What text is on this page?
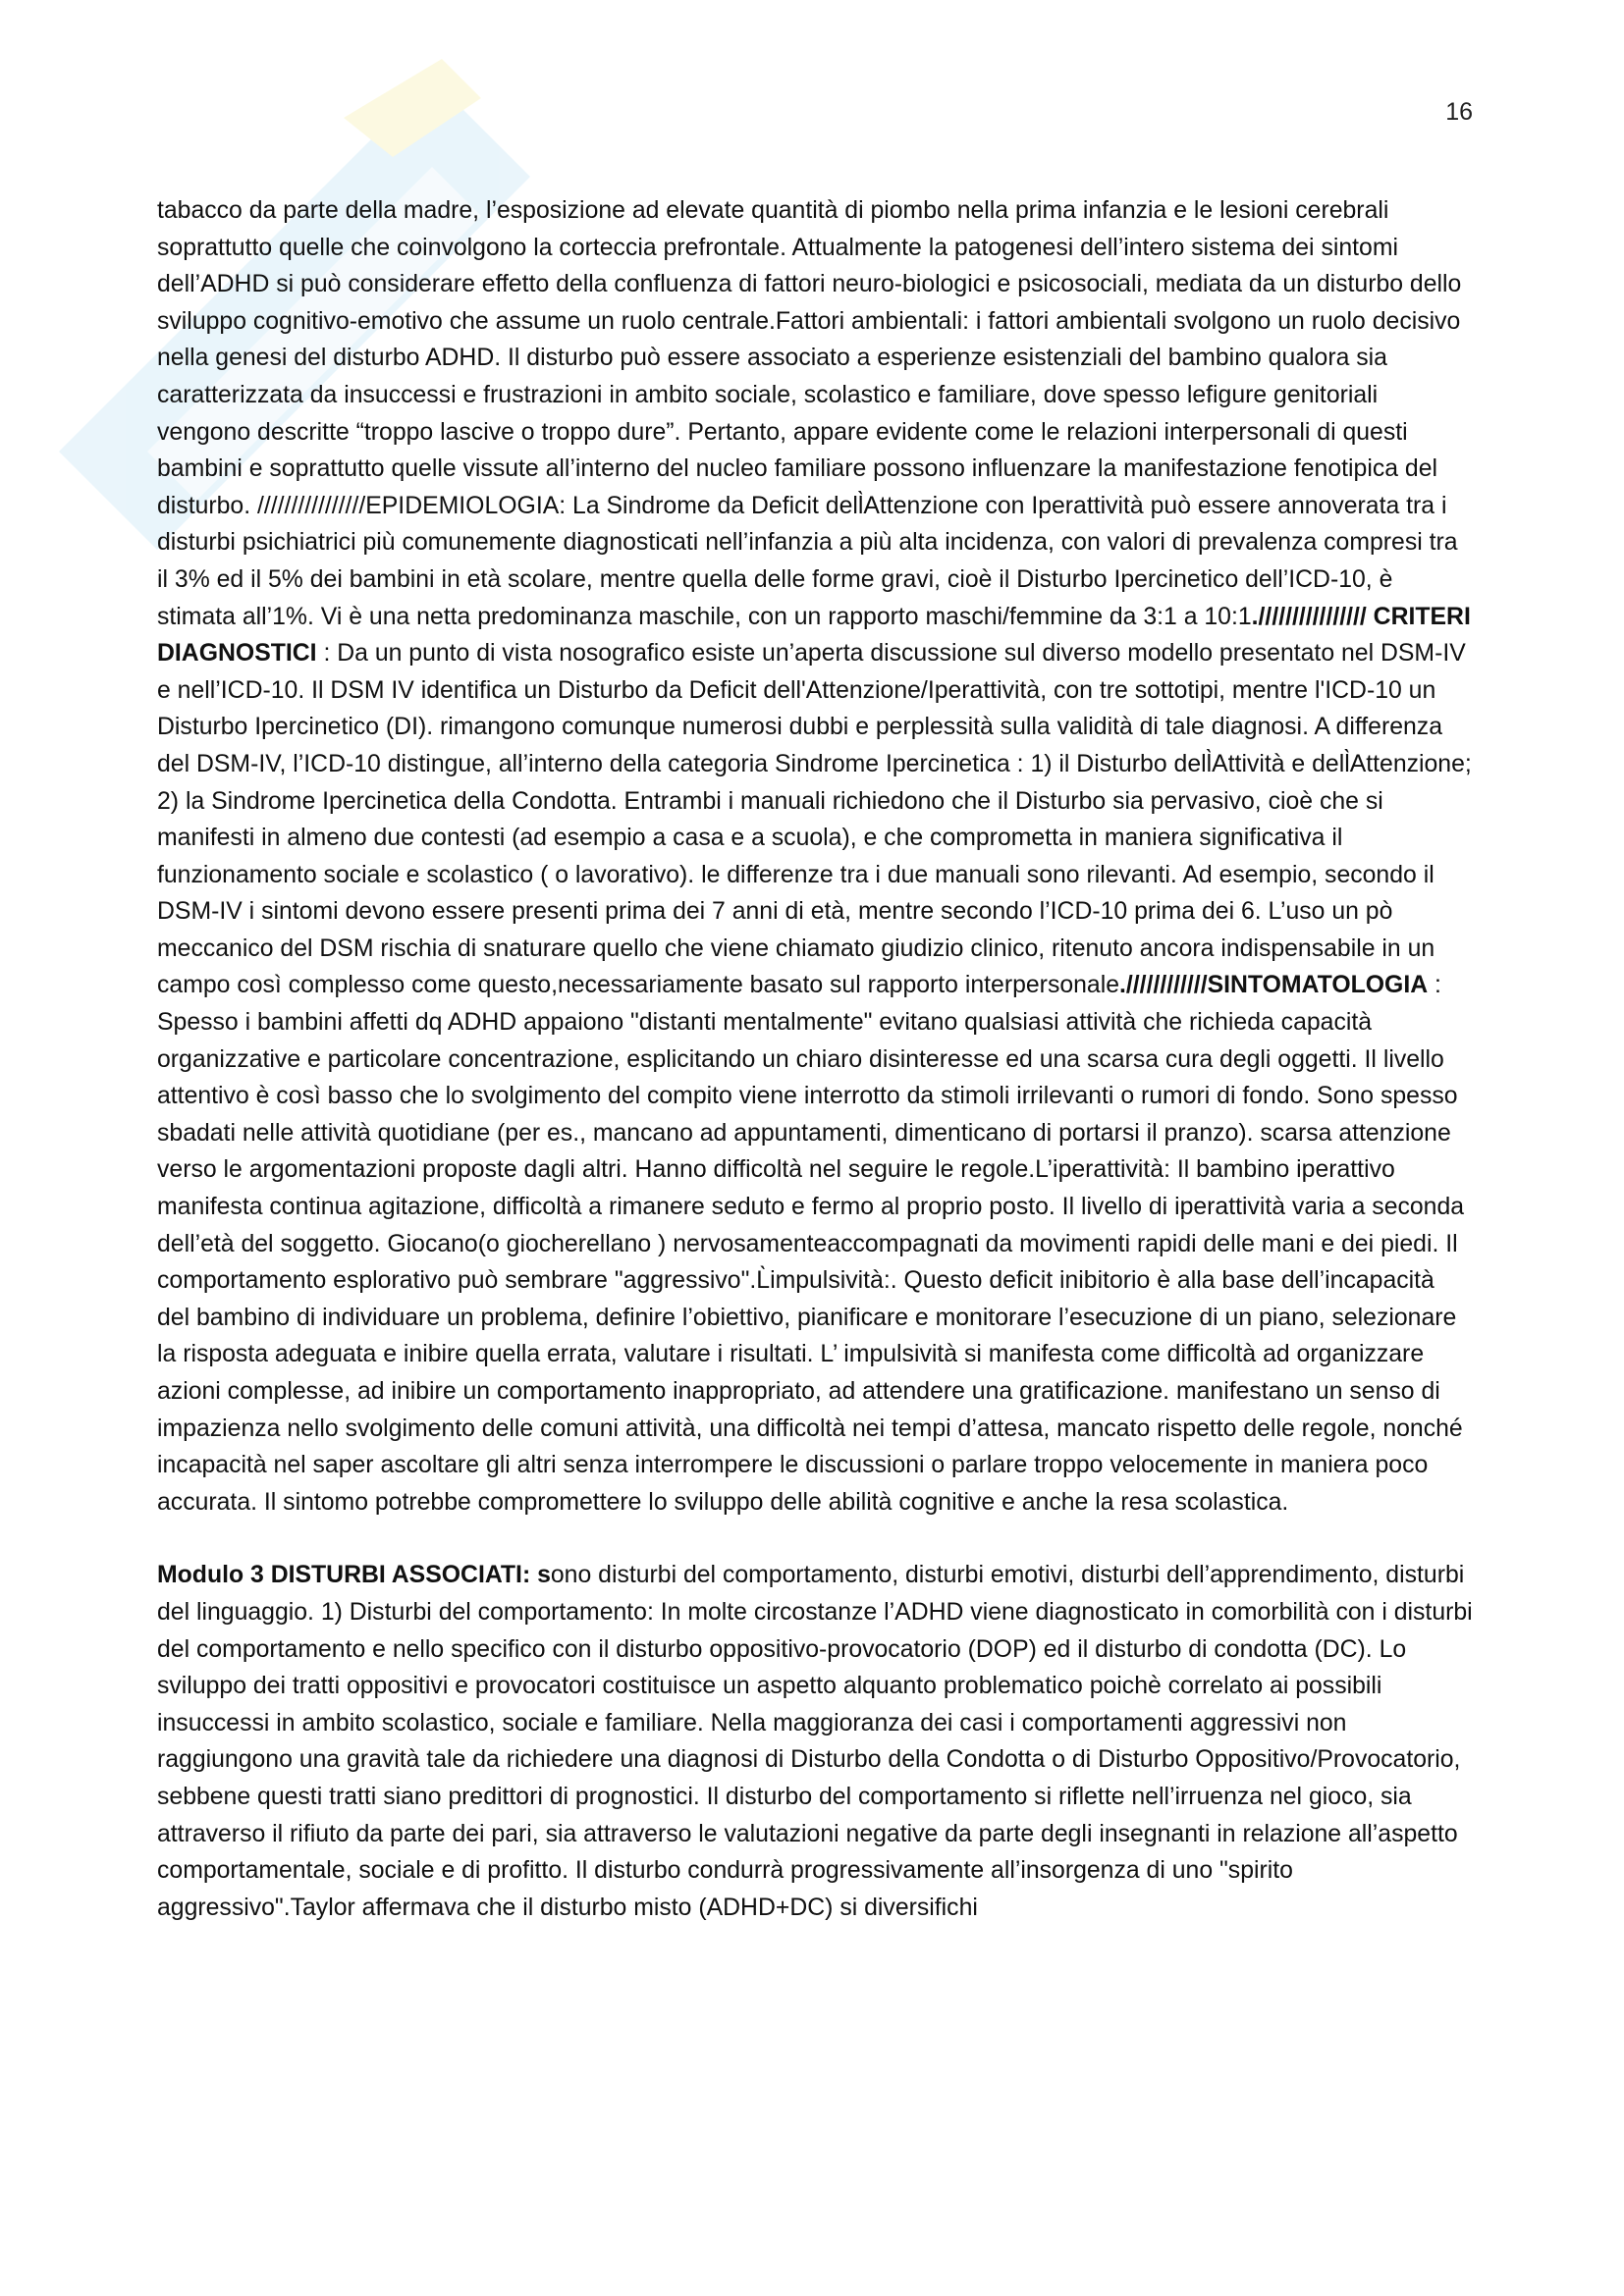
16

tabacco da parte della madre, l’esposizione ad elevate quantità di piombo nella prima infanzia e le lesioni cerebrali soprattutto quelle che coinvolgono la corteccia prefrontale. Attualmente la patogenesi dell’intero sistema dei sintomi dell’ADHD si può considerare effetto della confluenza di fattori neuro-biologici e psicosociali, mediata da un disturbo dello sviluppo cognitivo-emotivo che assume un ruolo centrale.Fattori ambientali: i fattori ambientali svolgono un ruolo decisivo nella genesi del disturbo ADHD. Il disturbo può essere associato a esperienze esistenziali del bambino qualora sia caratterizzata da insuccessi e frustrazioni in ambito sociale, scolastico e familiare, dove spesso lefigure genitoriali vengono descritte “troppo lascive o troppo dure”. Pertanto, appare evidente come le relazioni interpersonali di questi bambini e soprattutto quelle vissute all’interno del nucleo familiare possono influenzare la manifestazione fenotipica del disturbo. ////////////////EPIDEMIOLOGIA: La Sindrome da Deficit dell̀Attenzione con Iperattività può essere annoverata tra i disturbi psichiatrici più comunemente diagnosticati nell’infanzia a più alta incidenza, con valori di prevalenza compresi tra il 3% ed il 5% dei bambini in età scolare, mentre quella delle forme gravi, cioè il Disturbo Ipercinetico dell’ICD-10, è stimata all’1%. Vi è una netta predominanza maschile, con un rapporto maschi/femmine da 3:1 a 10:1.//////////////// CRITERI DIAGNOSTICI : Da un punto di vista nosografico esiste un’aperta discussione sul diverso modello presentato nel DSM-IV e nell’ICD-10. Il DSM IV identifica un Disturbo da Deficit dell'Attenzione/Iperattività, con tre sottotipi, mentre l'ICD-10 un Disturbo Ipercinetico (DI). rimangono comunque numerosi dubbi e perplessità sulla validità di tale diagnosi. A differenza del DSM-IV, l’ICD-10 distingue, all’interno della categoria Sindrome Ipercinetica : 1) il Disturbo dell̀Attività e dell̀Attenzione; 2) la Sindrome Ipercinetica della Condotta. Entrambi i manuali richiedono che il Disturbo sia pervasivo, cioè che si manifesti in almeno due contesti (ad esempio a casa e a scuola), e che comprometta in maniera significativa il funzionamento sociale e scolastico ( o lavorativo). le differenze tra i due manuali sono rilevanti. Ad esempio, secondo il DSM-IV i sintomi devono essere presenti prima dei 7 anni di età, mentre secondo l’ICD-10 prima dei 6. L’uso un pò meccanico del DSM rischia di snaturare quello che viene chiamato giudizio clinico, ritenuto ancora indispensabile in un campo così complesso come questo,necessariamente basato sul rapporto interpersonale.////////////SINTOMATOLOGIA : Spesso i bambini affetti dq ADHD appaiono "distanti mentalmente" evitano qualsiasi attività che richieda capacità organizzative e particolare concentrazione, esplicitando un chiaro disinteresse ed una scarsa cura degli oggetti. Il livello attentivo è così basso che lo svolgimento del compito viene interrotto da stimoli irrilevanti o rumori di fondo. Sono spesso sbadati nelle attività quotidiane (per es., mancano ad appuntamenti, dimenticano di portarsi il pranzo). scarsa attenzione verso le argomentazioni proposte dagli altri. Hanno difficoltà nel seguire le regole.L’iperattività: Il bambino iperattivo manifesta continua agitazione, difficoltà a rimanere seduto e fermo al proprio posto. Il livello di iperattività varia a seconda dell’età del soggetto. Giocano(o giocherellano ) nervosamenteaccompagnati da movimenti rapidi delle mani e dei piedi. Il comportamento esplorativo può sembrare "aggressivo".L̀impulsività:. Questo deficit inibitorio è alla base dell’incapacità del bambino di individuare un problema, definire l’obiettivo, pianificare e monitorare l’esecuzione di un piano, selezionare la risposta adeguata e inibire quella errata, valutare i risultati. L’ impulsività si manifesta come difficoltà ad organizzare azioni complesse, ad inibire un comportamento inappropriato, ad attendere una gratificazione. manifestano un senso di impazienza nello svolgimento delle comuni attività, una difficoltà nei tempi d’attesa, mancato rispetto delle regole, nonché incapacità nel saper ascoltare gli altri senza interrompere le discussioni o parlare troppo velocemente in maniera poco accurata. Il sintomo potrebbe compromettere lo sviluppo delle abilità cognitive e anche la resa scolastica.

Modulo 3 DISTURBI ASSOCIATI: sono disturbi del comportamento, disturbi emotivi, disturbi dell’apprendimento, disturbi del linguaggio. 1) Disturbi del comportamento: In molte circostanze l’ADHD viene diagnosticato in comorbilità con i disturbi del comportamento e nello specifico con il disturbo oppositivo-provocatorio (DOP) ed il disturbo di condotta (DC). Lo sviluppo dei tratti oppositivi e provocatori costituisce un aspetto alquanto problematico poichè correlato ai possibili insuccessi in ambito scolastico, sociale e familiare. Nella maggioranza dei casi i comportamenti aggressivi non raggiungono una gravità tale da richiedere una diagnosi di Disturbo della Condotta o di Disturbo Oppositivo/Provocatorio, sebbene questi tratti siano predittori di prognostici. Il disturbo del comportamento si riflette nell’irruenza nel gioco, sia attraverso il rifiuto da parte dei pari, sia attraverso le valutazioni negative da parte degli insegnanti in relazione all’aspetto comportamentale, sociale e di profitto. Il disturbo condurrà progressivamente all’insorgenza di uno "spirito aggressivo".Taylor affermava che il disturbo misto (ADHD+DC) si diversifichi
